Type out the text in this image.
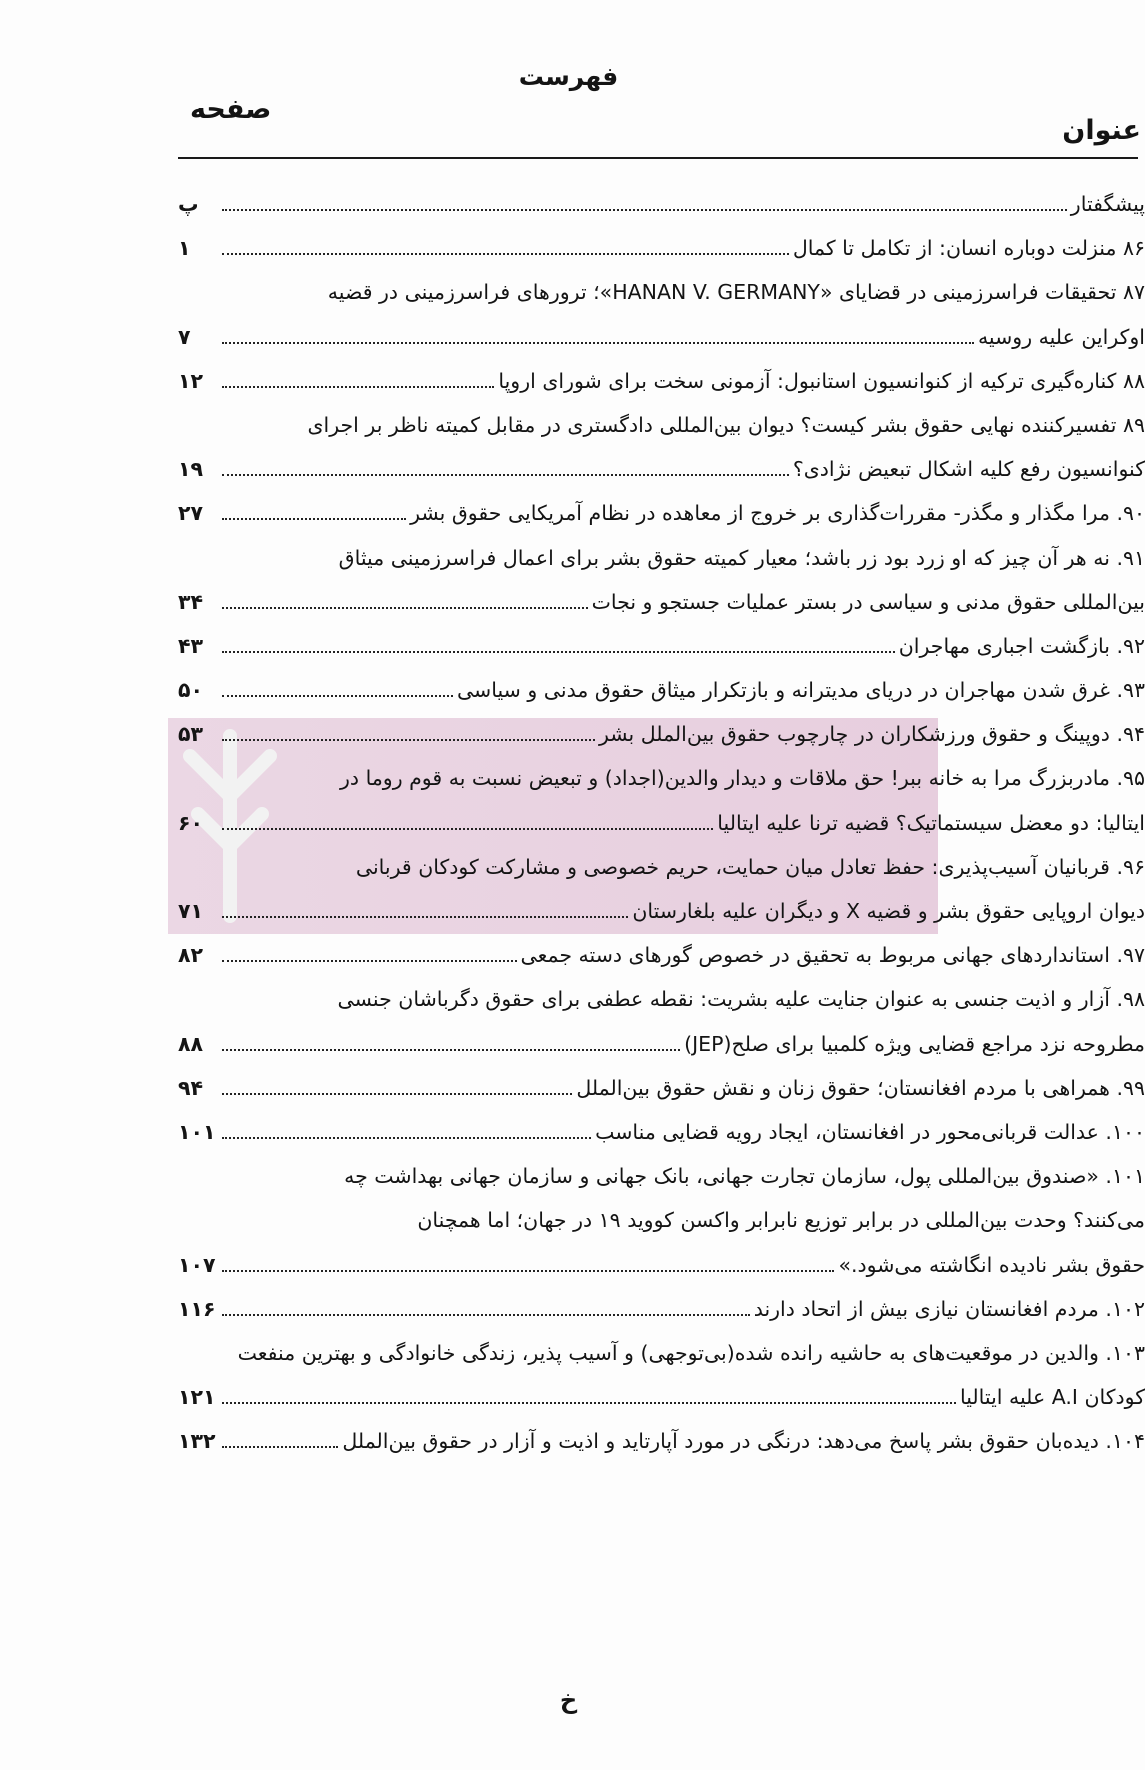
فهرست
عنوان
صفحه
پیشگفتار
پ
۸۶ منزلت دوباره انسان: از تکامل تا کمال
۱
۸۷ تحقیقات فراسرزمینی در قضایای «HANAN V. GERMANY»؛ ترورهای فراسرزمینی در قضیه
اوکراین علیه روسیه
۷
۸۸ کناره‌گیری ترکیه از کنوانسیون استانبول: آزمونی سخت برای شورای اروپا
۱۲
۸۹ تفسیرکننده نهایی حقوق بشر کیست؟ دیوان بین‌المللی دادگستری در مقابل کمیته ناظر بر اجرای
کنوانسیون رفع کلیه اشکال تبعیض نژادی؟
۱۹
۹۰. مرا مگذار و مگذر- مقررات‌گذاری بر خروج از معاهده در نظام آمریکایی حقوق بشر
۲۷
۹۱. نه هر آن چیز که او زرد بود زر باشد؛ معیار کمیته حقوق بشر برای اعمال فراسرزمینی میثاق
بین‌المللی حقوق مدنی و سیاسی در بستر عملیات جستجو و نجات
۳۴
۹۲. بازگشت اجباری مهاجران
۴۳
۹۳. غرق شدن مهاجران در دریای مدیترانه و بازتکرار میثاق حقوق مدنی و سیاسی
۵۰
۹۴. دوپینگ و حقوق ورزشکاران در چارچوب حقوق بین‌الملل بشر
۵۳
۹۵. مادربزرگ مرا به خانه ببر! حق ملاقات و دیدار والدین(اجداد) و تبعیض نسبت به قوم روما در
ایتالیا: دو معضل سیستماتیک؟ قضیه ترنا علیه ایتالیا
۶۰
۹۶. قربانیان آسیب‌پذیری: حفظ تعادل میان حمایت، حریم خصوصی و مشارکت کودکان قربانی
دیوان اروپایی حقوق بشر و قضیه X و دیگران علیه بلغارستان
۷۱
۹۷. استانداردهای جهانی مربوط به تحقیق در خصوص گورهای دسته جمعی
۸۲
۹۸. آزار و اذیت جنسی به عنوان جنایت علیه بشریت: نقطه عطفی برای حقوق دگرباشان جنسی
مطروحه نزد مراجع قضایی ویژه کلمبیا برای صلح(JEP)
۸۸
۹۹. همراهی با مردم افغانستان؛ حقوق زنان و نقش حقوق بین‌الملل
۹۴
۱۰۰. عدالت قربانی‌محور در افغانستان، ایجاد رویه قضایی مناسب
۱۰۱
۱۰۱. «صندوق بین‌المللی پول، سازمان تجارت جهانی، بانک جهانی و سازمان جهانی بهداشت چه
می‌کنند؟ وحدت بین‌المللی در برابر توزیع نابرابر واکسن کووید ۱۹ در جهان؛ اما همچنان
حقوق بشر نادیده انگاشته می‌شود.»
۱۰۷
۱۰۲. مردم افغانستان نیازی بیش از اتحاد دارند
۱۱۶
۱۰۳. والدین در موقعیت‌های به حاشیه رانده شده(بی‌توجهی) و آسیب پذیر، زندگی خانوادگی و بهترین منفعت
کودکان A.I علیه ایتالیا
۱۲۱
۱۰۴. دیده‌بان حقوق بشر پاسخ می‌دهد: درنگی در مورد آپارتاید و اذیت و آزار در حقوق بین‌الملل
۱۳۲
خ
